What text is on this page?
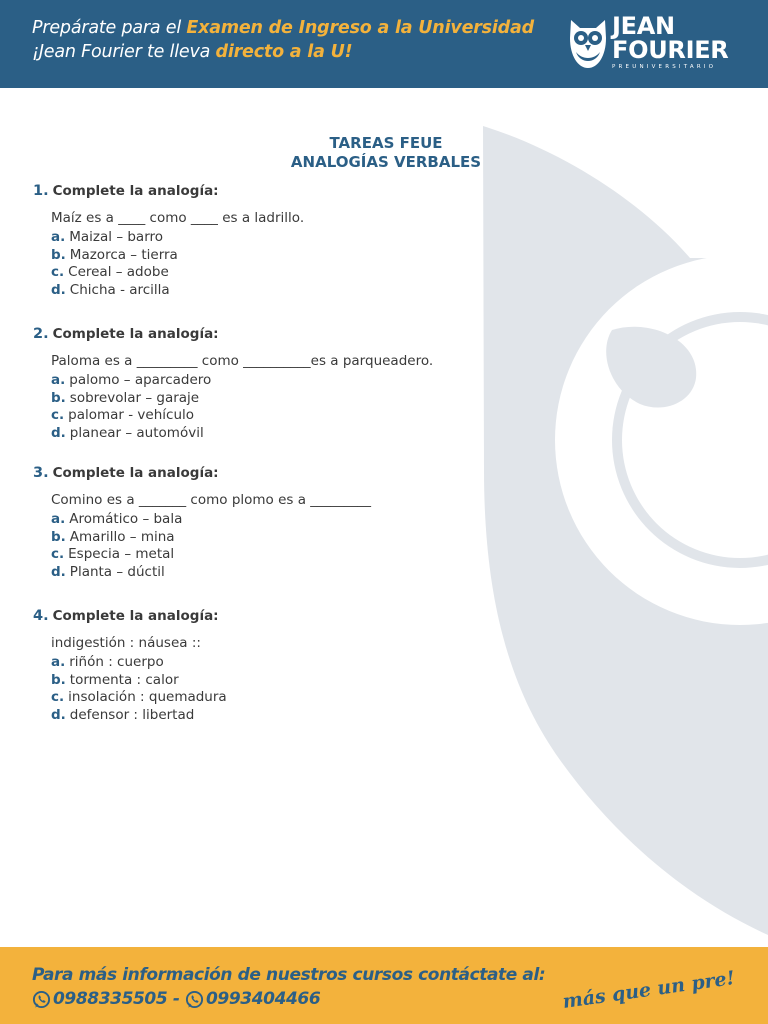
Prepárate para el Examen de Ingreso a la Universidad
¡Jean Fourier te lleva directo a la U!
JEAN
FOURIER
PREUNIVERSITARIO
TAREAS FEUE
ANALOGÍAS VERBALES
1. Complete la analogía:
Maíz es a ____ como ____ es a ladrillo.
a. Maizal – barro
b. Mazorca – tierra
c. Cereal – adobe
d. Chicha - arcilla
2. Complete la analogía:
Paloma es a _________ como __________es a parqueadero.
a. palomo – aparcadero
b. sobrevolar – garaje
c. palomar - vehículo
d. planear – automóvil
3. Complete la analogía:
Comino es a _______ como plomo es a _________
a. Aromático – bala
b. Amarillo – mina
c. Especia – metal
d. Planta – dúctil
4. Complete la analogía:
indigestión : náusea ::
a. riñón : cuerpo
b. tormenta : calor
c. insolación : quemadura
d. defensor : libertad
Para más información de nuestros cursos contáctate al:
0988335505 - 0993404466	más que un pre!
